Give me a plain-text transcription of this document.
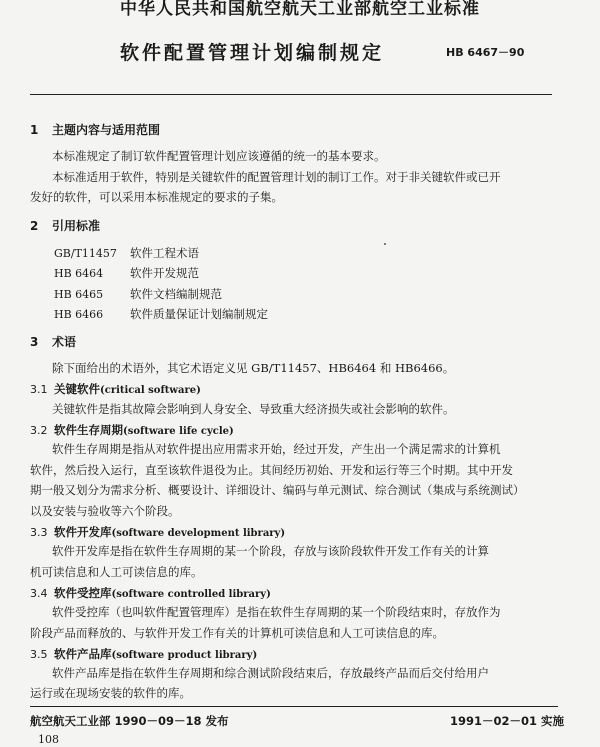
中华人民共和国航空航天工业部航空工业标准
软件配置管理计划编制规定	HB 6467－90
1 主题内容与适用范围
本标准规定了制订软件配置管理计划应该遵循的统一的基本要求。
本标准适用于软件，特别是关键软件的配置管理计划的制订工作。对于非关键软件或已开
发好的软件，可以采用本标准规定的要求的子集。
2 引用标准
GB/T11457 软件工程术语
HB 6464 软件开发规范
HB 6465 软件文档编制规范
HB 6466 软件质量保证计划编制规定
3 术语
除下面给出的术语外，其它术语定义见 GB/T11457、HB6464 和 HB6466。
3.1 关键软件(critical software)
关键软件是指其故障会影响到人身安全、导致重大经济损失或社会影响的软件。
3.2 软件生存周期(software life cycle)
软件生存周期是指从对软件提出应用需求开始，经过开发，产生出一个满足需求的计算机
软件，然后投入运行，直至该软件退役为止。其间经历初始、开发和运行等三个时期。其中开发
期一般又划分为需求分析、概要设计、详细设计、编码与单元测试、综合测试（集成与系统测试）
以及安装与验收等六个阶段。
3.3 软件开发库(software development library)
软件开发库是指在软件生存周期的某一个阶段，存放与该阶段软件开发工作有关的计算
机可读信息和人工可读信息的库。
3.4 软件受控库(software controlled library)
软件受控库（也叫软件配置管理库）是指在软件生存周期的某一个阶段结束时，存放作为
阶段产品而释放的、与软件开发工作有关的计算机可读信息和人工可读信息的库。
3.5 软件产品库(software product library)
软件产品库是指在软件生存周期和综合测试阶段结束后，存放最终产品而后交付给用户
运行或在现场安装的软件的库。
航空航天工业部 1990－09－18 发布	1991－02－01 实施
108
